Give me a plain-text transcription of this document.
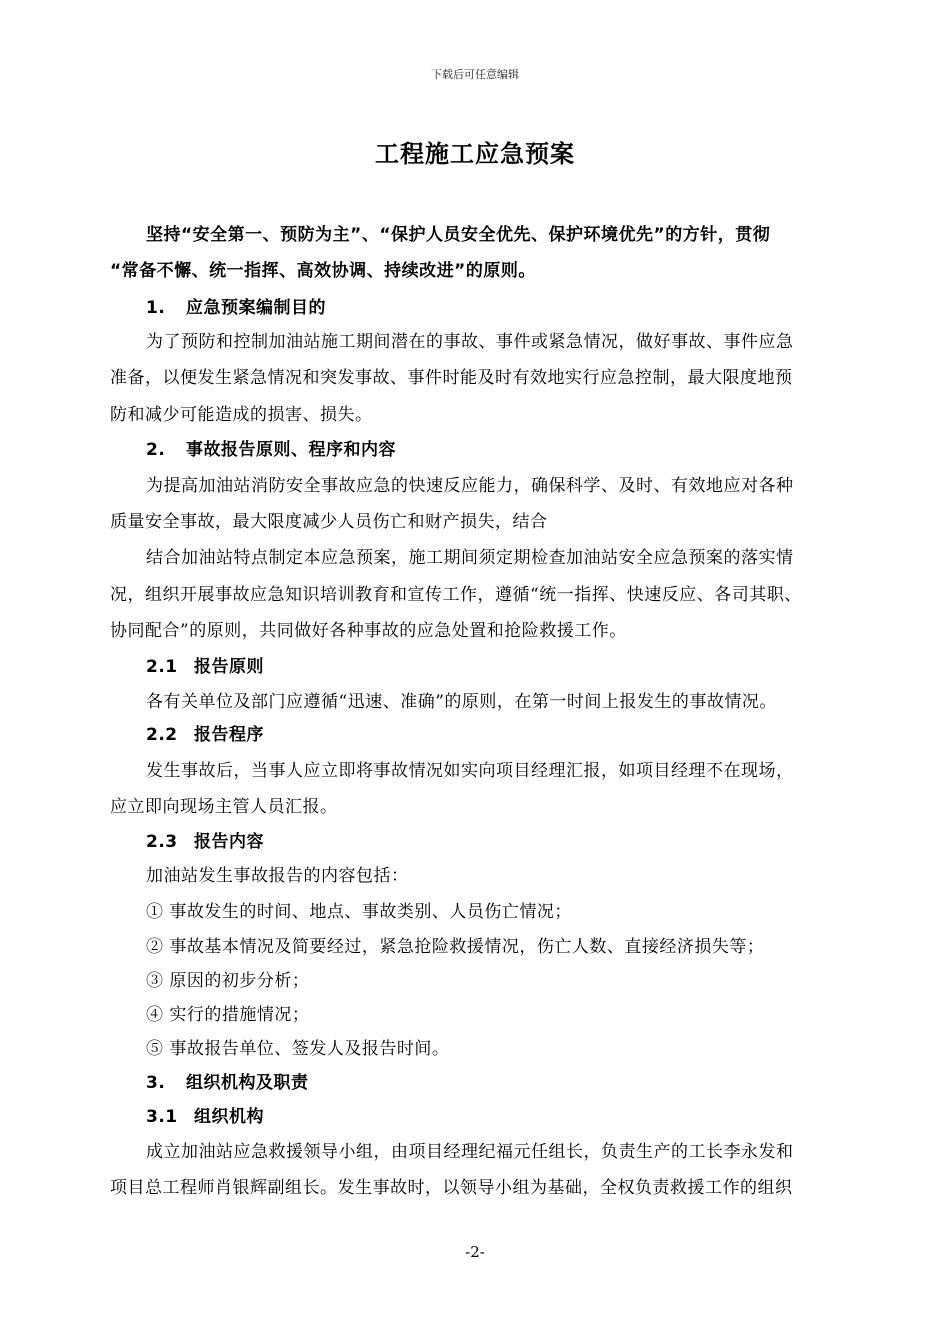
下载后可任意编辑
工程施工应急预案
坚持“安全第一、预防为主”、“保护人员安全优先、保护环境优先”的方针，贯彻
“常备不懈、统一指挥、高效协调、持续改进”的原则。
1. 应急预案编制目的
为了预防和控制加油站施工期间潜在的事故、事件或紧急情况，做好事故、事件应急
准备，以便发生紧急情况和突发事故、事件时能及时有效地实行应急控制，最大限度地预
防和减少可能造成的损害、损失。
2. 事故报告原则、程序和内容
为提高加油站消防安全事故应急的快速反应能力，确保科学、及时、有效地应对各种
质量安全事故，最大限度减少人员伤亡和财产损失，结合
结合加油站特点制定本应急预案，施工期间须定期检查加油站安全应急预案的落实情
况，组织开展事故应急知识培训教育和宣传工作，遵循“统一指挥、快速反应、各司其职、
协同配合”的原则，共同做好各种事故的应急处置和抢险救援工作。
2.1 报告原则
各有关单位及部门应遵循“迅速、准确”的原则，在第一时间上报发生的事故情况。
2.2 报告程序
发生事故后，当事人应立即将事故情况如实向项目经理汇报，如项目经理不在现场，
应立即向现场主管人员汇报。
2.3 报告内容
加油站发生事故报告的内容包括：
① 事故发生的时间、地点、事故类别、人员伤亡情况；
② 事故基本情况及简要经过，紧急抢险救援情况，伤亡人数、直接经济损失等；
③ 原因的初步分析；
④ 实行的措施情况；
⑤ 事故报告单位、签发人及报告时间。
3. 组织机构及职责
3.1 组织机构
成立加油站应急救援领导小组，由项目经理纪福元任组长，负责生产的工长李永发和
项目总工程师肖银辉副组长。发生事故时，以领导小组为基础，全权负责救援工作的组织
-2-
